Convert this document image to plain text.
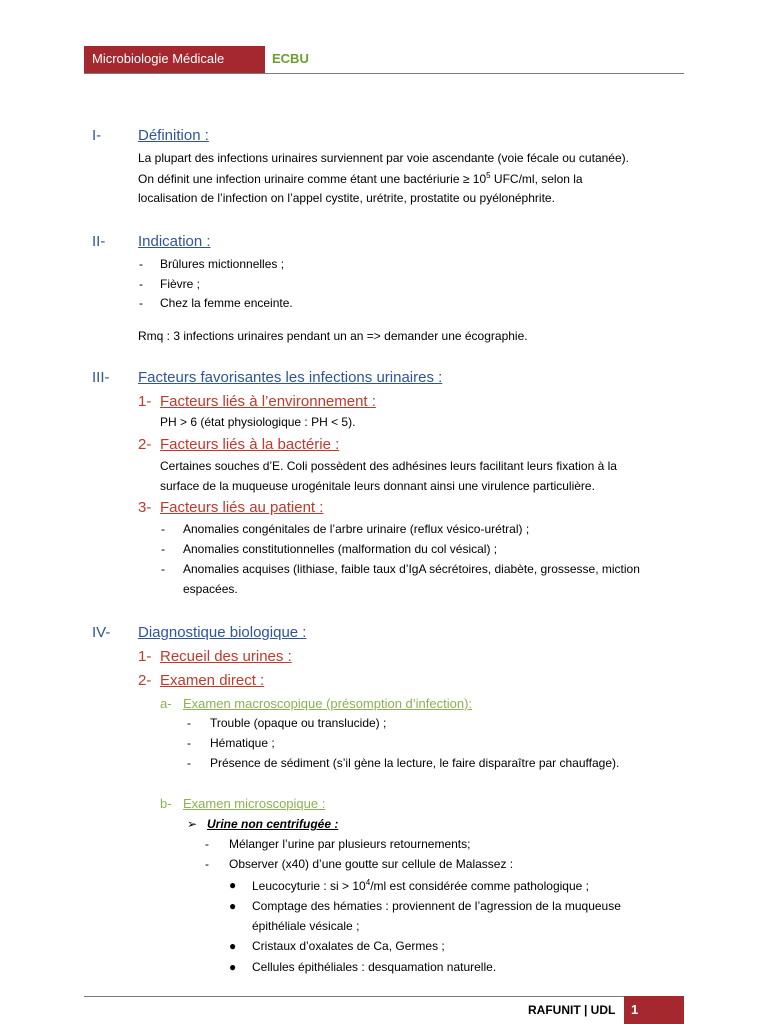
Microbiologie Médicale	ECBU
I- Définition :
La plupart des infections urinaires surviennent par voie ascendante (voie fécale ou cutanée).
On définit une infection urinaire comme étant une bactériurie ≥ $10^5$ UFC/ml, selon la
localisation de l’infection on l’appel cystite, urétrite, prostatite ou pyélonéphrite.
II- Indication :
- Brûlures mictionnelles ;
- Fièvre ;
- Chez la femme enceinte.
Rmq : 3 infections urinaires pendant un an => demander une écographie.
III- Facteurs favorisantes les infections urinaires :
1- Facteurs liés à l’environnement :
PH > 6 (état physiologique : PH < 5).
2- Facteurs liés à la bactérie :
Certaines souches d’E. Coli possèdent des adhésines leurs facilitant leurs fixation à la
surface de la muqueuse urogénitale leurs donnant ainsi une virulence particulière.
3- Facteurs liés au patient :
- Anomalies congénitales de l’arbre urinaire (reflux vésico-urétral) ;
- Anomalies constitutionnelles (malformation du col vésical) ;
- Anomalies acquises (lithiase, faible taux d’IgA sécrétoires, diabète, grossesse, miction
espacées.
IV- Diagnostique biologique :
1- Recueil des urines :
2- Examen direct :
a- Examen macroscopique (présomption d’infection):
- Trouble (opaque ou translucide) ;
- Hématique ;
- Présence de sédiment (s’il gène la lecture, le faire disparaître par chauffage).
b- Examen microscopique :
➢ Urine non centrifugée :
- Mélanger l’urine par plusieurs retournements;
- Observer (x40) d’une goutte sur cellule de Malassez :
● Leucocyturie : si > $10^4/ml$ est considérée comme pathologique ;
● Comptage des hématies : proviennent de l’agression de la muqueuse
épithéliale vésicale ;
● Cristaux d’oxalates de Ca, Germes ;
● Cellules épithéliales : desquamation naturelle.
RAFUNIT | UDL 1
